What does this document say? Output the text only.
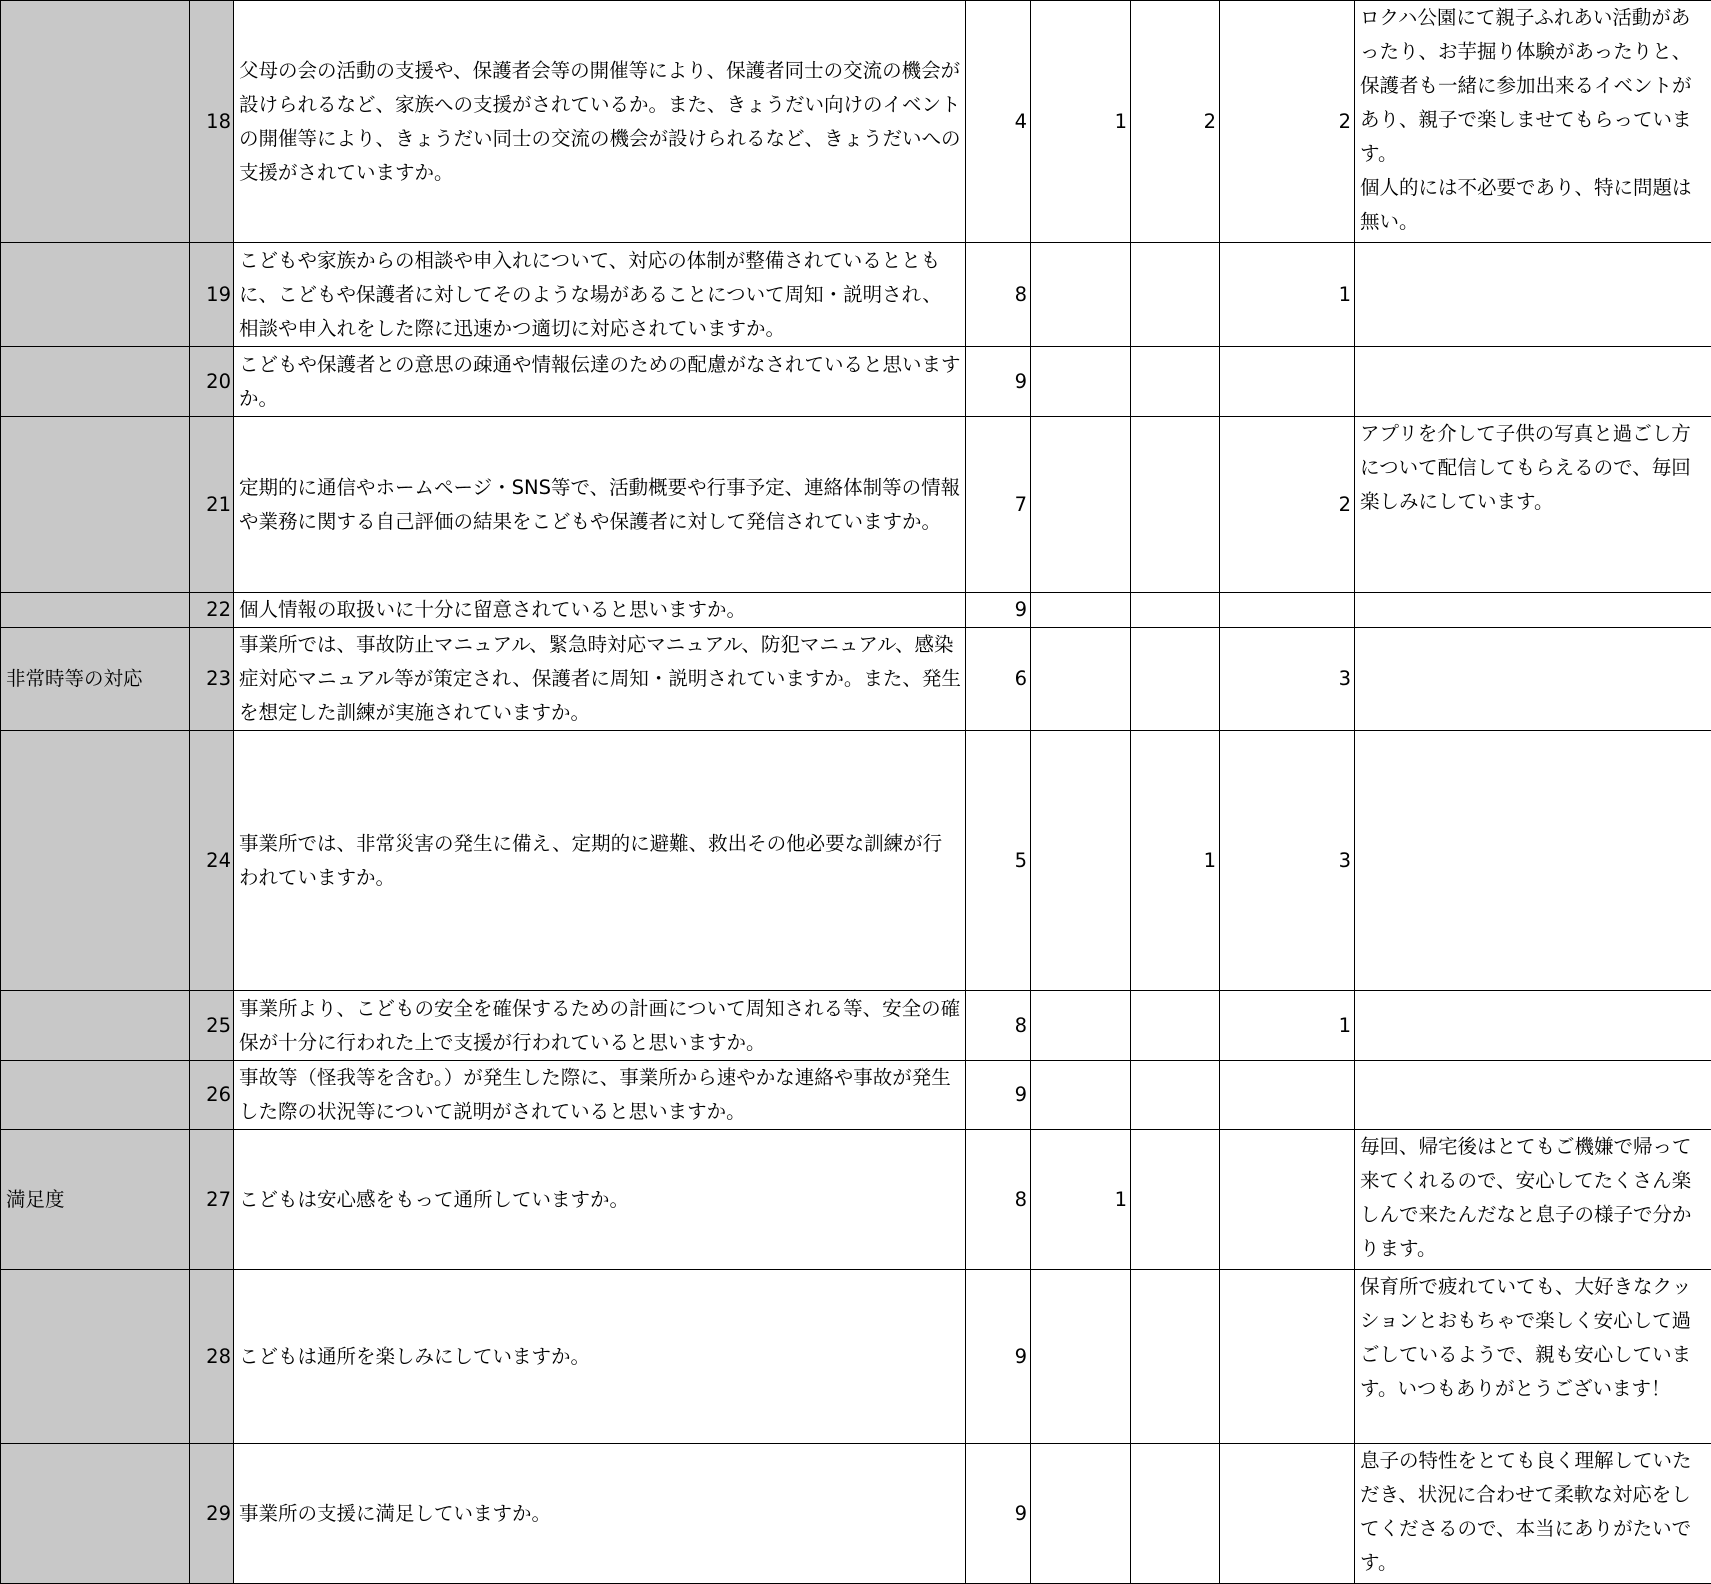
	18	父母の会の活動の支援や、保護者会等の開催等により、保護者同士の交流の機会が設けられるなど、家族への支援がされているか。また、きょうだい向けのイベントの開催等により、きょうだい同士の交流の機会が設けられるなど、きょうだいへの支援がされていますか。	4	1	2	2	ロクハ公園にて親子ふれあい活動があったり、お芋掘り体験があったりと、保護者も一緒に参加出来るイベントがあり、親子で楽しませてもらっています。
個人的には不必要であり、特に問題は無い。
	19	こどもや家族からの相談や申入れについて、対応の体制が整備されているとともに、こどもや保護者に対してそのような場があることについて周知・説明され、相談や申入れをした際に迅速かつ適切に対応されていますか。	8			1	
	20	こどもや保護者との意思の疎通や情報伝達のための配慮がなされていると思いますか。	9				
	21	定期的に通信やホームページ・SNS等で、活動概要や行事予定、連絡体制等の情報や業務に関する自己評価の結果をこどもや保護者に対して発信されていますか。	7			2	アプリを介して子供の写真と過ごし方について配信してもらえるので、毎回楽しみにしています。
	22	個人情報の取扱いに十分に留意されていると思いますか。	9				
非常時等の対応	23	事業所では、事故防止マニュアル、緊急時対応マニュアル、防犯マニュアル、感染症対応マニュアル等が策定され、保護者に周知・説明されていますか。また、発生を想定した訓練が実施されていますか。	6			3	
	24	事業所では、非常災害の発生に備え、定期的に避難、救出その他必要な訓練が行われていますか。	5		1	3	
	25	事業所より、こどもの安全を確保するための計画について周知される等、安全の確保が十分に行われた上で支援が行われていると思いますか。	8			1	
	26	事故等（怪我等を含む。）が発生した際に、事業所から速やかな連絡や事故が発生した際の状況等について説明がされていると思いますか。	9				
満足度	27	こどもは安心感をもって通所していますか。	8	1			毎回、帰宅後はとてもご機嫌で帰って来てくれるので、安心してたくさん楽しんで来たんだなと息子の様子で分かります。
	28	こどもは通所を楽しみにしていますか。	9				保育所で疲れていても、大好きなクッションとおもちゃで楽しく安心して過ごしているようで、親も安心しています。いつもありがとうございます！
	29	事業所の支援に満足していますか。	9				息子の特性をとても良く理解していただき、状況に合わせて柔軟な対応をしてくださるので、本当にありがたいです。
